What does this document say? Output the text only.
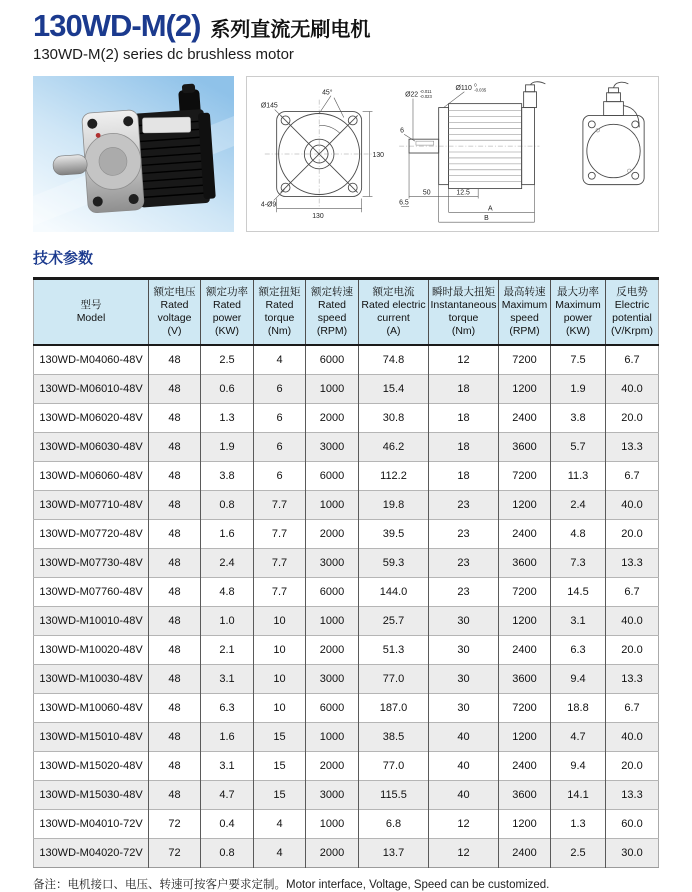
130WD-M(2) 系列直流无刷电机
130WD-M(2) series dc brushless motor
45°
Ø145
130
130
4-Ø9
Ø22 -0.011
-0.023
Ø110 0
-0.035
6
50	12.5
6.5
A
B
技术参数
型号
Model

额定电压
Rated voltage
(V)

额定功率
Rated power
(KW)

额定扭矩
Rated torque
(Nm)

额定转速
Rated speed
(RPM)

额定电流
Rated electric current
(A)

瞬时最大扭矩
Instantaneous torque
(Nm)

最高转速
Maximum speed
(RPM)

最大功率
Maximum power
(KW)

反电势
Electric potential
(V/Krpm)

130WD-M04060-48V	48	2.5	4	6000	74.8	12	7200	7.5	6.7
130WD-M06010-48V	48	0.6	6	1000	15.4	18	1200	1.9	40.0
130WD-M06020-48V	48	1.3	6	2000	30.8	18	2400	3.8	20.0
130WD-M06030-48V	48	1.9	6	3000	46.2	18	3600	5.7	13.3
130WD-M06060-48V	48	3.8	6	6000	112.2	18	7200	11.3	6.7
130WD-M07710-48V	48	0.8	7.7	1000	19.8	23	1200	2.4	40.0
130WD-M07720-48V	48	1.6	7.7	2000	39.5	23	2400	4.8	20.0
130WD-M07730-48V	48	2.4	7.7	3000	59.3	23	3600	7.3	13.3
130WD-M07760-48V	48	4.8	7.7	6000	144.0	23	7200	14.5	6.7
130WD-M10010-48V	48	1.0	10	1000	25.7	30	1200	3.1	40.0
130WD-M10020-48V	48	2.1	10	2000	51.3	30	2400	6.3	20.0
130WD-M10030-48V	48	3.1	10	3000	77.0	30	3600	9.4	13.3
130WD-M10060-48V	48	6.3	10	6000	187.0	30	7200	18.8	6.7
130WD-M15010-48V	48	1.6	15	1000	38.5	40	1200	4.7	40.0
130WD-M15020-48V	48	3.1	15	2000	77.0	40	2400	9.4	20.0
130WD-M15030-48V	48	4.7	15	3000	115.5	40	3600	14.1	13.3
130WD-M04010-72V	72	0.4	4	1000	6.8	12	1200	1.3	60.0
130WD-M04020-72V	72	0.8	4	2000	13.7	12	2400	2.5	30.0

备注：电机接口、电压、转速可按客户要求定制。Motor interface, Voltage, Speed can be customized.
